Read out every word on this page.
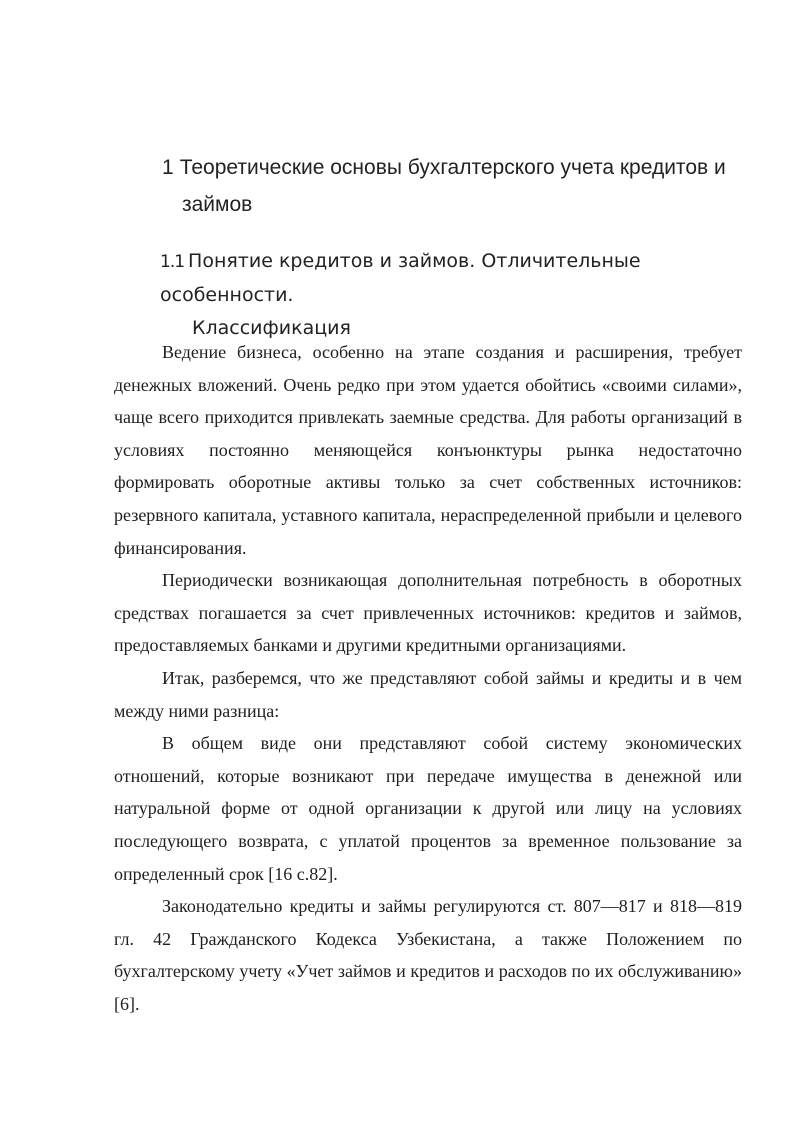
1 Теоретические основы бухгалтерского учета кредитов и
займов
1.1 Понятие кредитов и займов. Отличительные особенности.
Классификация

Ведение бизнеса, особенно на этапе создания и расширения, требует денежных вложений. Очень редко при этом удается обойтись «своими силами», чаще всего приходится привлекать заемные средства. Для работы организаций в условиях постоянно меняющейся конъюнктуры рынка недостаточно формировать оборотные активы только за счет собственных источников: резервного капитала, уставного капитала, нераспределенной прибыли и целевого финансирования.

Периодически возникающая дополнительная потребность в оборотных средствах погашается за счет привлеченных источников: кредитов и займов, предоставляемых банками и другими кредитными организациями.

Итак, разберемся, что же представляют собой займы и кредиты и в чем между ними разница:

В общем виде они представляют собой систему экономических отношений, которые возникают при передаче имущества в денежной или натуральной форме от одной организации к другой или лицу на условиях последующего возврата, с уплатой процентов за временное пользование за определенный срок [16 с.82].

Законодательно кредиты и займы регулируются ст. 807—817 и 818—819 гл. 42 Гражданского Кодекса Узбекистана, а также Положением по бухгалтерскому учету «Учет займов и кредитов и расходов по их обслуживанию» [6].
